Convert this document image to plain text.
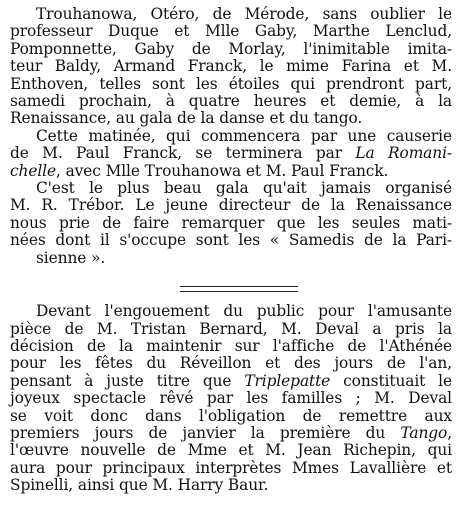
Trouhanowa, Otéro, de Mérode, sans oublier le
professeur Duque et Mlle Gaby, Marthe Lenclud,
Pomponnette, Gaby de Morlay, l'inimitable imita-
teur Baldy, Armand Franck, le mime Farina et M.
Enthoven, telles sont les étoiles qui prendront part,
samedi prochain, à quatre heures et demie, à la
Renaissance, au gala de la danse et du tango.
Cette matinée, qui commencera par une causerie
de M. Paul Franck, se terminera par La Romani-
chelle, avec Mlle Trouhanowa et M. Paul Franck.
C'est le plus beau gala qu'ait jamais organisé
M. R. Trébor. Le jeune directeur de la Renaissance
nous prie de faire remarquer que les seules mati-
nées dont il s'occupe sont les « Samedis de la Pari-
sienne ».
Devant l'engouement du public pour l'amusante
pièce de M. Tristan Bernard, M. Deval a pris la
décision de la maintenir sur l'affiche de l'Athénée
pour les fêtes du Réveillon et des jours de l'an,
pensant à juste titre que Triplepatte constituait le
joyeux spectacle rêvé par les familles ; M. Deval
se voit donc dans l'obligation de remettre aux
premiers jours de janvier la première du Tango,
l'œuvre nouvelle de Mme et M. Jean Richepin, qui
aura pour principaux interprètes Mmes Lavallière et
Spinelli, ainsi que M. Harry Baur.
